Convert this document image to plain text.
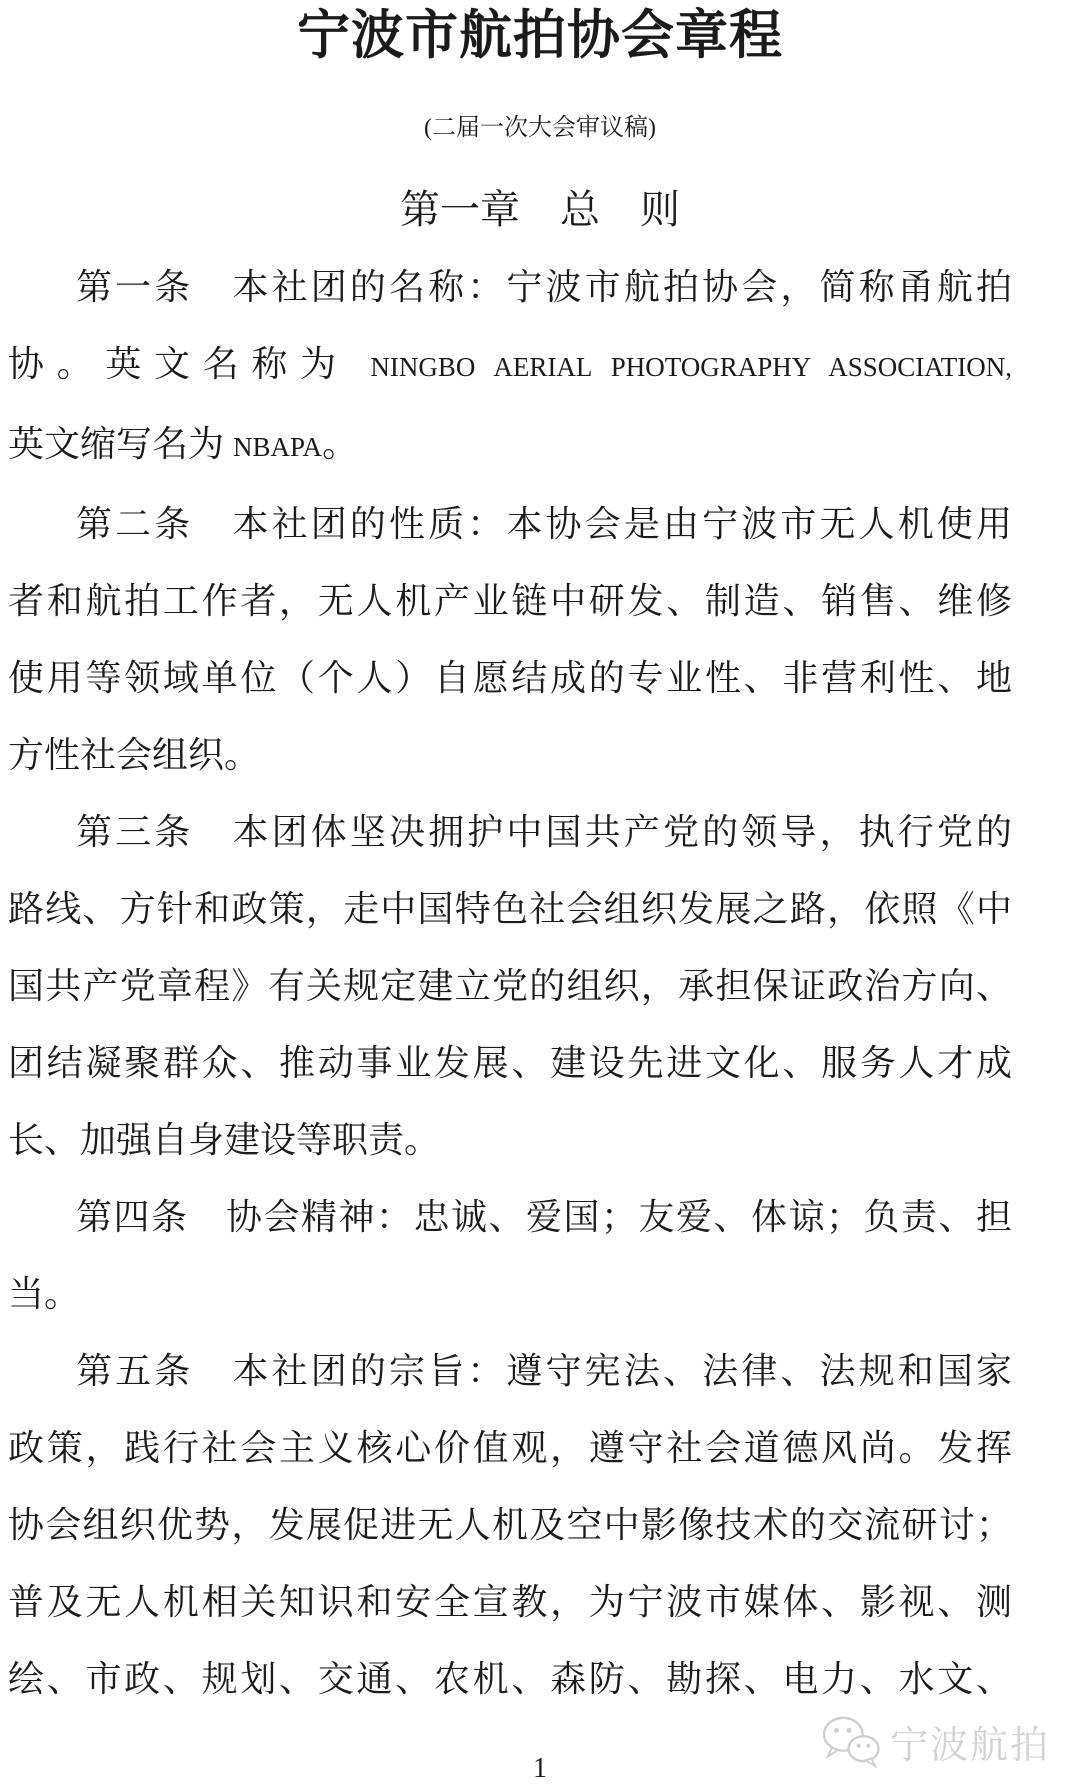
宁波市航拍协会章程
(二届一次大会审议稿)
第一章　总　则
第一条　本社团的名称：宁波市航拍协会，简称甬航拍
协。英文名称为 NINGBO AERIAL PHOTOGRAPHY ASSOCIATION,
英文缩写名为 NBAPA。
第二条　本社团的性质：本协会是由宁波市无人机使用
者和航拍工作者，无人机产业链中研发、制造、销售、维修
使用等领域单位（个人）自愿结成的专业性、非营利性、地
方性社会组织。
第三条　本团体坚决拥护中国共产党的领导，执行党的
路线、方针和政策，走中国特色社会组织发展之路，依照《中
国共产党章程》有关规定建立党的组织，承担保证政治方向、
团结凝聚群众、推动事业发展、建设先进文化、服务人才成
长、加强自身建设等职责。
第四条　协会精神：忠诚、爱国；友爱、体谅；负责、担
当。
第五条　本社团的宗旨：遵守宪法、法律、法规和国家
政策，践行社会主义核心价值观，遵守社会道德风尚。发挥
协会组织优势，发展促进无人机及空中影像技术的交流研讨；
普及无人机相关知识和安全宣教，为宁波市媒体、影视、测
绘、市政、规划、交通、农机、森防、勘探、电力、水文、
1
宁波航拍
